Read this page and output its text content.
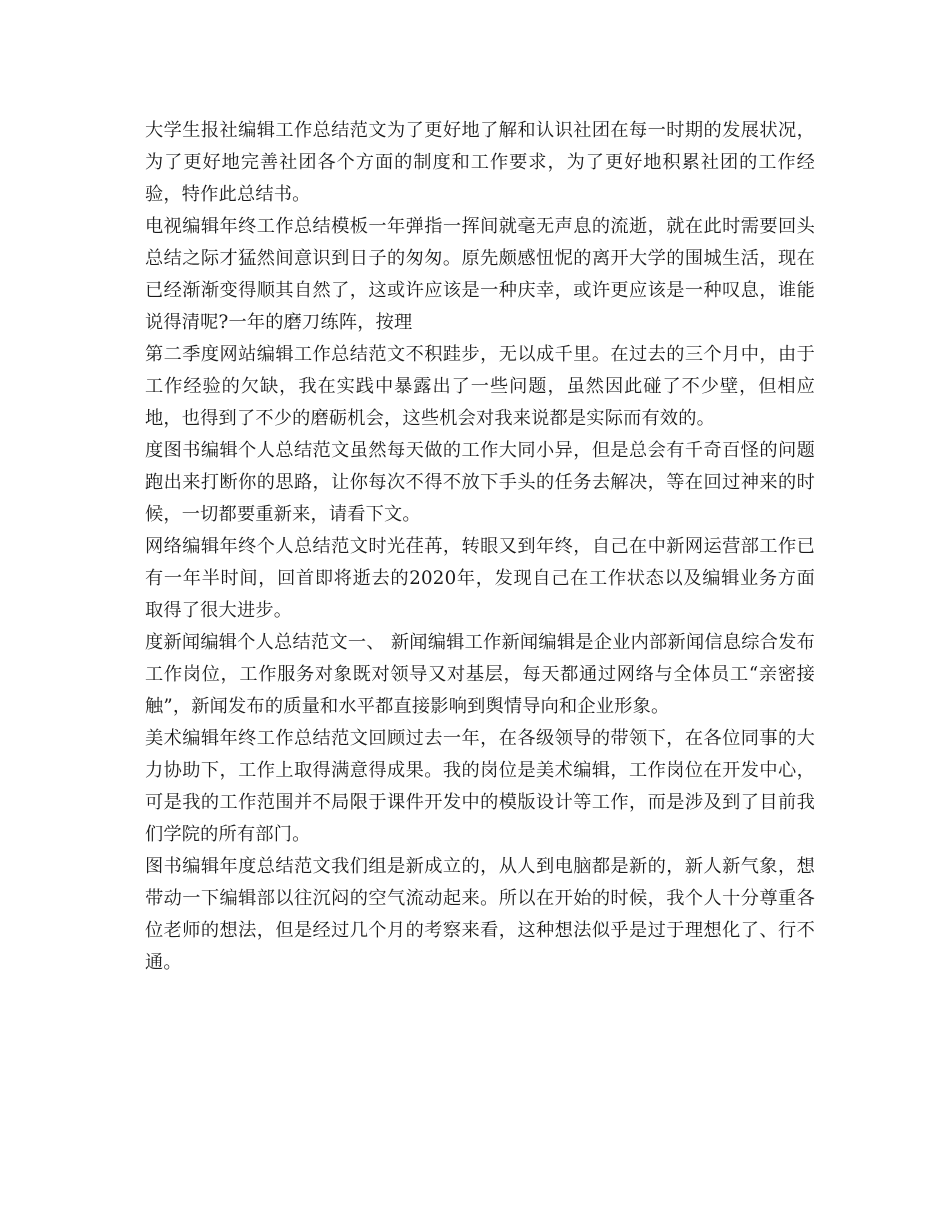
大学生报社编辑工作总结范文为了更好地了解和认识社团在每一时期的发展状况，为了更好地完善社团各个方面的制度和工作要求，为了更好地积累社团的工作经验，特作此总结书。

电视编辑年终工作总结模板一年弹指一挥间就毫无声息的流逝，就在此时需要回头总结之际才猛然间意识到日子的匆匆。原先颇感忸怩的离开大学的围城生活，现在已经渐渐变得顺其自然了，这或许应该是一种庆幸，或许更应该是一种叹息，谁能说得清呢?一年的磨刀练阵，按理

第二季度网站编辑工作总结范文不积跬步，无以成千里。在过去的三个月中，由于工作经验的欠缺，我在实践中暴露出了一些问题，虽然因此碰了不少壁，但相应地，也得到了不少的磨砺机会，这些机会对我来说都是实际而有效的。

度图书编辑个人总结范文虽然每天做的工作大同小异，但是总会有千奇百怪的问题跑出来打断你的思路，让你每次不得不放下手头的任务去解决，等在回过神来的时候，一切都要重新来，请看下文。

网络编辑年终个人总结范文时光荏苒，转眼又到年终，自己在中新网运营部工作已有一年半时间，回首即将逝去的2020年，发现自己在工作状态以及编辑业务方面取得了很大进步。

度新闻编辑个人总结范文一、 新闻编辑工作新闻编辑是企业内部新闻信息综合发布工作岗位，工作服务对象既对领导又对基层，每天都通过网络与全体员工“亲密接触”，新闻发布的质量和水平都直接影响到舆情导向和企业形象。

美术编辑年终工作总结范文回顾过去一年，在各级领导的带领下，在各位同事的大力协助下，工作上取得满意得成果。我的岗位是美术编辑，工作岗位在开发中心，可是我的工作范围并不局限于课件开发中的模版设计等工作，而是涉及到了目前我们学院的所有部门。

图书编辑年度总结范文我们组是新成立的，从人到电脑都是新的，新人新气象，想带动一下编辑部以往沉闷的空气流动起来。所以在开始的时候，我个人十分尊重各位老师的想法，但是经过几个月的考察来看，这种想法似乎是过于理想化了、行不通。
